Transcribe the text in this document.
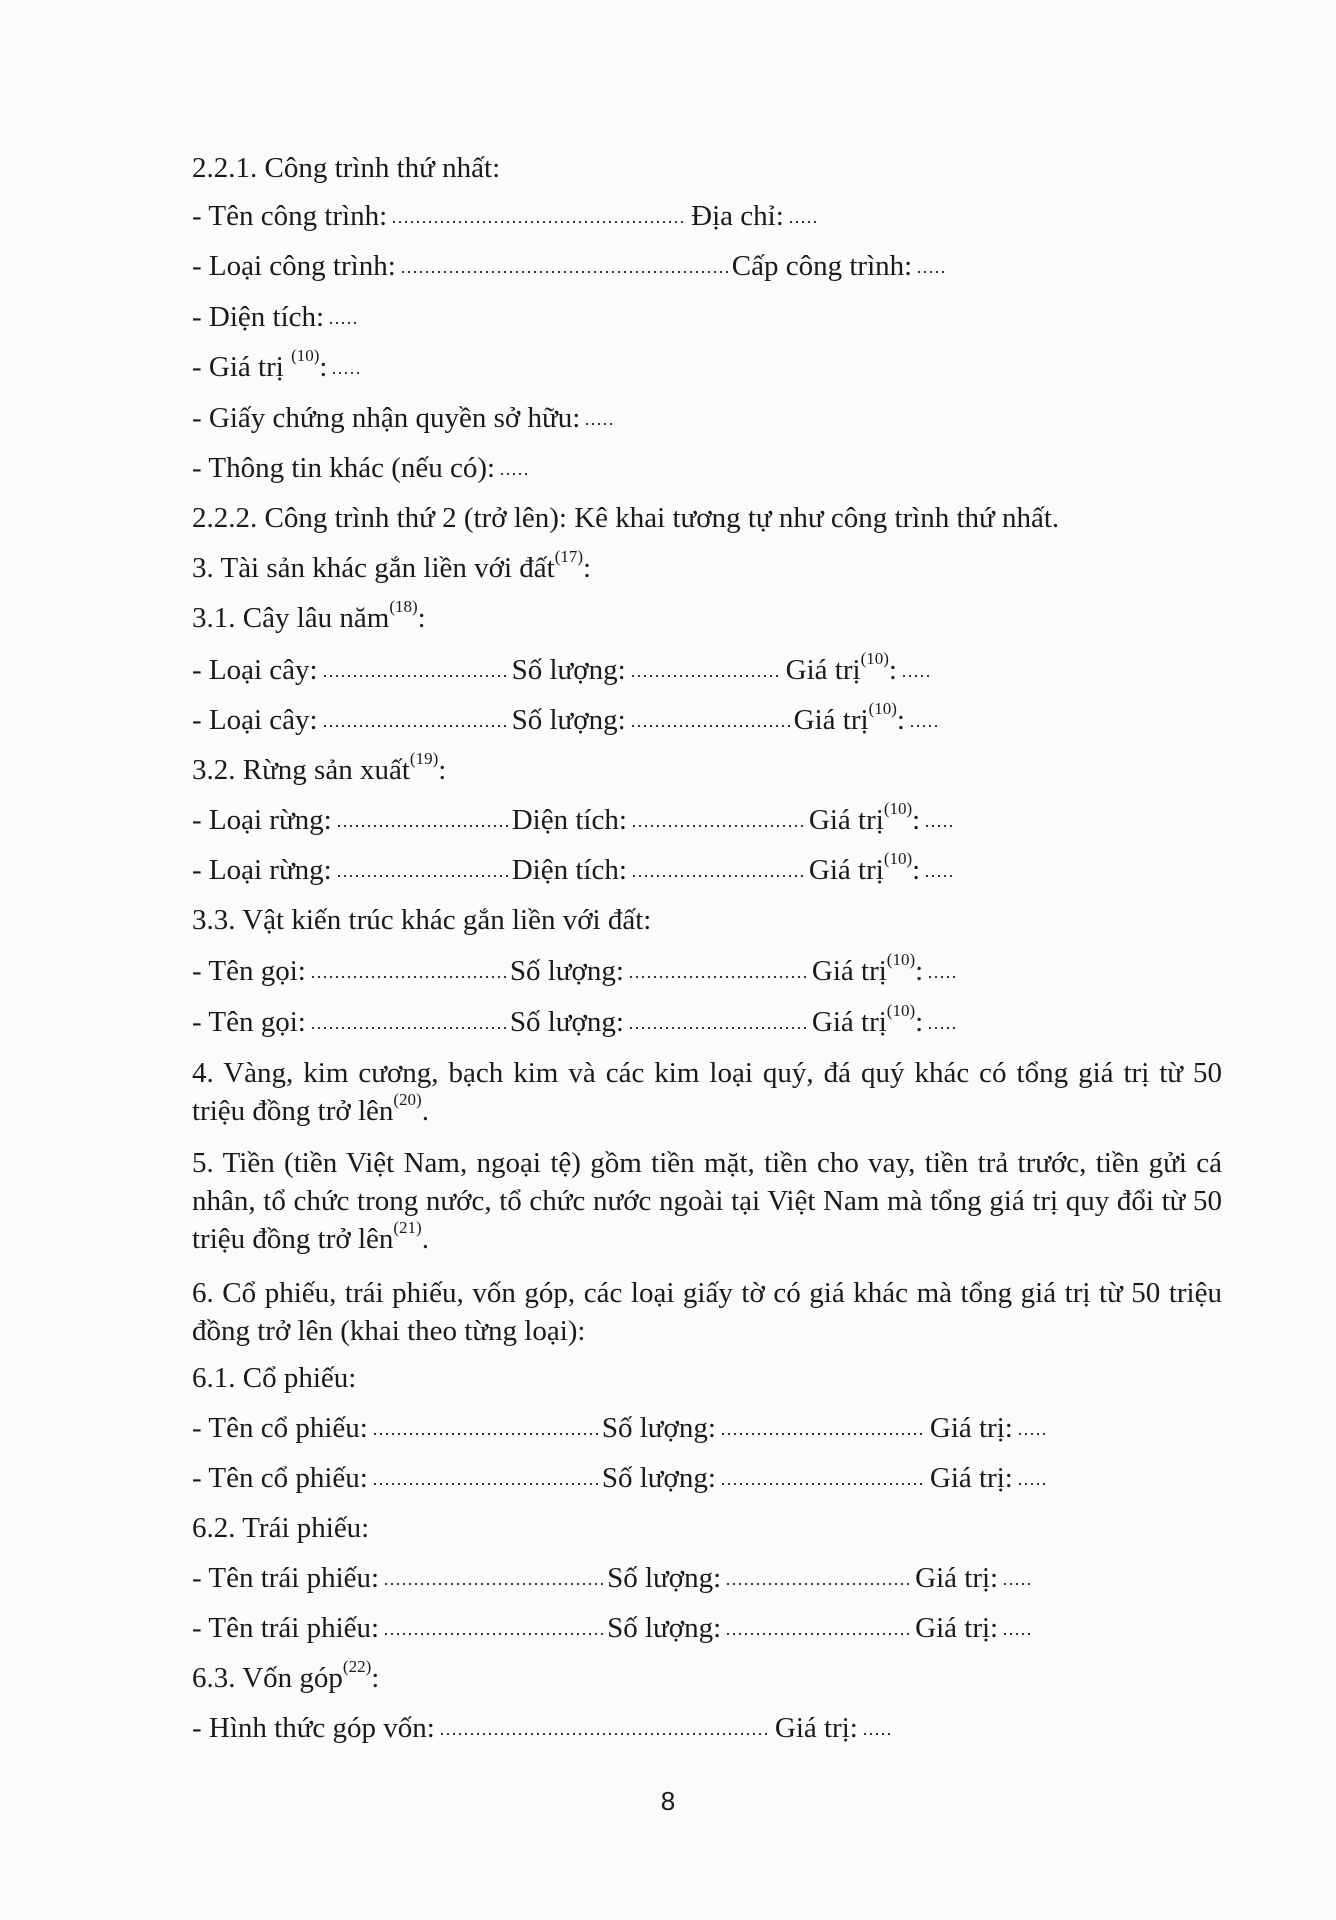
2.2.1. Công trình thứ nhất:
- Tên công trình:	Địa chỉ:
- Loại công trình:	Cấp công trình:
- Diện tích:
- Giá trị $^{(10)}$:
- Giấy chứng nhận quyền sở hữu:
- Thông tin khác (nếu có):
2.2.2. Công trình thứ 2 (trở lên): Kê khai tương tự như công trình thứ nhất.
3. Tài sản khác gắn liền với đất$^{(17)}$:
3.1. Cây lâu năm$^{(18)}$:
- Loại cây:	Số lượng:	Giá trị$^{(10)}$:
- Loại cây:	Số lượng:	Giá trị$^{(10)}$:
3.2. Rừng sản xuất$^{(19)}$:
- Loại rừng:	Diện tích:	Giá trị$^{(10)}$:
- Loại rừng:	Diện tích:	Giá trị$^{(10)}$:
3.3. Vật kiến trúc khác gắn liền với đất:
- Tên gọi:	Số lượng:	Giá trị$^{(10)}$:
- Tên gọi:	Số lượng:	Giá trị$^{(10)}$:
4. Vàng, kim cương, bạch kim và các kim loại quý, đá quý khác có tổng giá trị từ 50 triệu đồng trở lên$^{(20)}$.
5. Tiền (tiền Việt Nam, ngoại tệ) gồm tiền mặt, tiền cho vay, tiền trả trước, tiền gửi cá nhân, tổ chức trong nước, tổ chức nước ngoài tại Việt Nam mà tổng giá trị quy đổi từ 50 triệu đồng trở lên$^{(21)}$.
6. Cổ phiếu, trái phiếu, vốn góp, các loại giấy tờ có giá khác mà tổng giá trị từ 50 triệu đồng trở lên (khai theo từng loại):
6.1. Cổ phiếu:
- Tên cổ phiếu:	Số lượng:	Giá trị:
- Tên cổ phiếu:	Số lượng:	Giá trị:
6.2. Trái phiếu:
- Tên trái phiếu:	Số lượng:	Giá trị:
- Tên trái phiếu:	Số lượng:	Giá trị:
6.3. Vốn góp$^{(22)}$:
- Hình thức góp vốn:	Giá trị:
8
